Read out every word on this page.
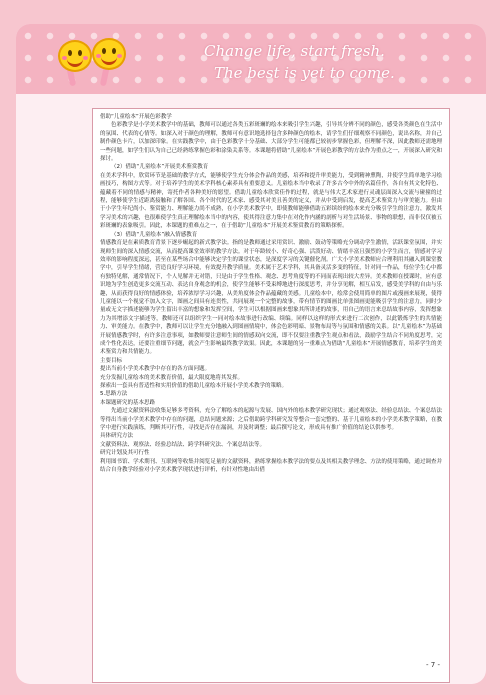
Change life, start fresh.
The best is yet to come.

借助“儿童绘本”开展色彩教学

色彩教学是小学美术教学中的基础，教师可以通过各类五彩斑斓的绘本来吸引学生兴趣，引导其分辨不同的颜色，感受各类颜色在生活中的氛围、代表的心情等。如深入对于颜色的理解，教师可有意识地选择包含多种颜色的绘本，请学生们仔细观察不同颜色，说出名称，并自己制作颜色卡片，以加深印象。在实践教学中，由于色彩教学十分基础、大部分学生可能都已较初步掌握色彩，但理解不深，因此教师还需地理一些问题，如学生们认为自己已经熟练掌握色彩和涂染关系等。本课题将借助“儿童绘本”开展色彩教学的方法作为重点之一，开展深入研究和探讨。

（2）借助“儿童绘本”开展美术鉴赏教育

在美术学科中，欣赏环节是基础的教学方式，能够使学生充分体会作品的美感，培养和提升审美能力，受到精神熏陶，并使学生简单地学习绘画技巧，构图方式等。对于培养学生的美术学科核心素养具有重要意义。儿童绘本当中收录了许多古今中外的名篇佳作，各自有其文化特色、蕴藏着不同的情感与精神，寄托作者各种美好的愿望。借助儿童绘本欣赏佳作的过程，就是与伟大艺术家进行灵魂层面深入交流与碰撞的过程，能够使学生近距离接触和了解各国、各个时代的艺术家、感受其对美且善美的定义，并从中受到启发，提高艺术鉴赏力与审美能力。但由于小学生年纪尚小、鉴赏能力、理解能力尚不成熟，在小学美术教学中，即使教师能够借助五彩缤纷的绘本来充分吸引学生的注意力，激发其学习美术的兴趣，也很难使学生真正理解绘本当中的内容，使其得注意力集中在对化作内涵的剖析与对生活场景、事物的联想，而非仅仅被五彩斑斓的表象吸引。因此，本课题的重难点之一，在于借助“儿童绘本”开展美术鉴赏教育的策略探析。

（3）借助“儿童绘本”融入情感教育

情感教育是在素质教育背景下逐步崛起的新式教学法。指的是教师通过采用赏识、激励、鼓动等策略充分调动学生激情，活跃课堂氛围，并实现师生间的深入情感交流，从而提高课堂效率的教学方法。对于年龄较小、好奇心强、活泼好动、情绪丰富且强烈的小学生而言，情感对学习效率的影响程度深远，甚至在某些场合中能够决定学生的课堂状态，是深度学习的关键催化剂。广大小学美术教师应合理利用其融入到课堂教学中，引导学生情绪，营造良好学习环境，有效提升教学质量。美术属于艺术学科，其具备灵活多变的特征，针对同一作品，每位学生心中都有独特见解，通常情况下，个人见解并无对错，只是由于学生性格、观念、思考角度等的不同而表现出较大差异。美术教师在授课时，应有意识地为学生创造更多交流互动、表达自身观念的机会，使学生能够不受束缚地进行深度思考，并分享见解，相互启发，感受美学科的自由与乐趣，从而获得良好的情感体验，培养浓厚学习兴趣，从美角度体会作品蕴藏的美感。儿童绘本中，绘常会使用简单的图片或漫画来展现，使得儿童能以一个视觉不加入文字，图画之间具有连贯性，共同展现一个完整的故事，带有情节的图画比单张图画更能吸引学生的注意力，同时少量或无文字描述能够为学生留出丰富的想象和发挥空间，学生可以根据图画来想象其所讲述的故事，用自己的语言来总结故事内容，发挥想象力为其增添文字描述等，教师还可以组织学生一同对绘本故事进行改编、续编。同样以这样的形式来进行二次创作，以此锻炼学生的共情能力、审美能力。在教学中，教师可以让学生充分地融入到图画情境中，体会色彩明暗、景物布局等与氛围和情感的关系。以“儿童绘本”为基础开展情感教学时，有许多注意事项，如教师要注意师生间的情感双向交流，即不仅要注重教学生观点和看法，鼓励学生结合不同角度思考，完成个性化表达，还要注重细节问题，就会产生影响最终教学效果。因此，本课题的另一重难点为借助“儿童绘本”开展情感教育，培养学生的美术鉴赏力和共情能力。

主要目标

提出当前小学美术教学中存在的各方面问题。

充分发掘儿童绘本的美术教育价值，最大限度地将其发挥。

探索出一套具有普适性和实用价值的借助儿童绘本开展小学美术教学的策略。

5.思路方法

本课题研究的基本思路

先通过文献资料法收集足够多考资料，充分了解绘本的起源与发展、国内外的绘本教学研究现状；通过观察法、经验总结法、个案总结法等得出当前小学美术教学中存在的问题，总结问题来源；之后借助跨学科研究发等整合一套完整的、基于儿童绘本的小学美术教学策略，在教学中进行实践演练，判断其可行性，寻找是否存在漏洞，并及时调整；最后撰写论文，形成具有推广价值的结论以供参考。

具体研究方法

文献资料法、观察法、经验总结法、跨学科研究法、个案总结法等。

研究计划及其可行性

利用图书馆、学术期刊、互联网等收集并阅览足量的文献资料，熟练掌握绘本教学法的要点及其相关教学理念、方法的使用策略，通过调查并结合自身教学经验对小学美术教学现状进行评析，有针对性地由出借

- 7 -
